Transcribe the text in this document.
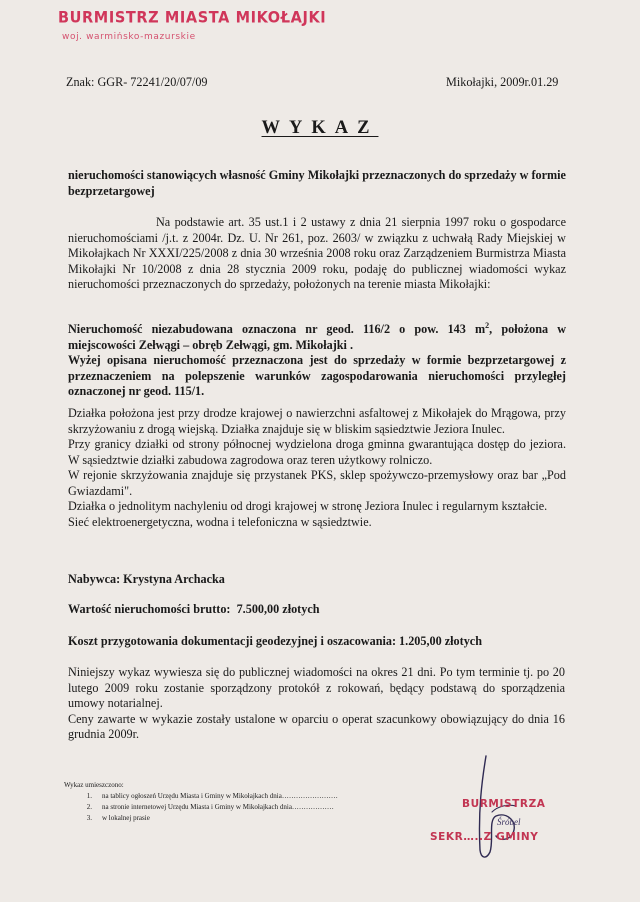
BURMISTRZ MIASTA MIKOŁAJKI
woj. warmińsko-mazurskie
Znak: GGR- 72241/20/07/09	Mikołajki, 2009r.01.29
WYKAZ
nieruchomości stanowiących własność Gminy Mikołajki przeznaczonych do sprzedaży w formie bezprzetargowej
Na podstawie art. 35 ust.1 i 2 ustawy z dnia 21 sierpnia 1997 roku o gospodarce nieruchomościami /j.t. z 2004r. Dz. U. Nr 261, poz. 2603/ w związku z uchwałą Rady Miejskiej w Mikołajkach Nr XXXI/225/2008 z dnia 30 września 2008 roku oraz Zarządzeniem Burmistrza Miasta Mikołajki Nr 10/2008 z dnia 28 stycznia 2009 roku, podaję do publicznej wiadomości wykaz nieruchomości przeznaczonych do sprzedaży, położonych na terenie miasta Mikołajki:

Nieruchomość niezabudowana oznaczona nr geod. 116/2 o pow. 143 $m^2$, położona w miejscowości Zełwągi – obręb Zełwągi, gm. Mikołajki .

Wyżej opisana nieruchomość przeznaczona jest do sprzedaży w formie bezprzetargowej z przeznaczeniem na polepszenie warunków zagospodarowania nieruchomości przyległej oznaczonej nr geod. 115/1.

Działka położona jest przy drodze krajowej o nawierzchni asfaltowej z Mikołajek do Mrągowa, przy skrzyżowaniu z drogą wiejską. Działka znajduje się w bliskim sąsiedztwie Jeziora Inulec.

Przy granicy działki od strony północnej wydzielona droga gminna gwarantująca dostęp do jeziora. W sąsiedztwie działki zabudowa zagrodowa oraz teren użytkowy rolniczo.

W rejonie skrzyżowania znajduje się przystanek PKS, sklep spożywczo-przemysłowy oraz bar „Pod Gwiazdami".

Działka o jednolitym nachyleniu od drogi krajowej w stronę Jeziora Inulec i regularnym kształcie.

Sieć elektroenergetyczna, wodna i telefoniczna w sąsiedztwie.

Nabywca: Krystyna Archacka
Wartość nieruchomości brutto: 7.500,00 złotych
Koszt przygotowania dokumentacji geodezyjnej i oszacowania: 1.205,00 złotych

Niniejszy wykaz wywiesza się do publicznej wiadomości na okres 21 dni. Po tym terminie tj. po 20 lutego 2009 roku zostanie sporządzony protokół z rokowań, będący podstawą do sporządzenia umowy notarialnej.

Ceny zawarte w wykazie zostały ustalone w oparciu o operat szacunkowy obowiązujący do dnia 16 grudnia 2009r.

Wykaz umieszczono:
1.	na tablicy ogłoszeń Urzędu Miasta i Gminy w Mikołajkach dnia……………………
2.	na stronie internetowej Urzędu Miasta i Gminy w Mikołajkach dnia………………
3.	w lokalnej prasie
BURMISTRZA
Śróbel
SEKR…..Z GMINY
